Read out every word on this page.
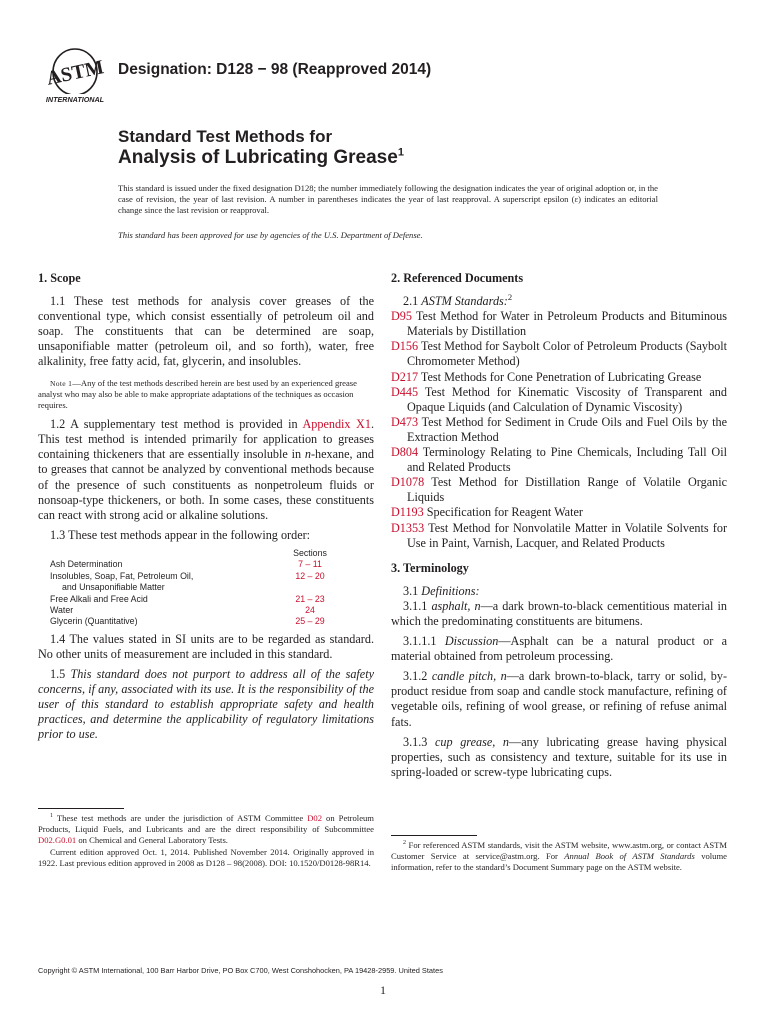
ASTM
INTERNATIONAL
Designation: D128 − 98 (Reapproved 2014)
Standard Test Methods for
Analysis of Lubricating Grease$^1$
This standard is issued under the fixed designation D128; the number immediately following the designation indicates the year of original adoption or, in the case of revision, the year of last revision. A number in parentheses indicates the year of last reapproval. A superscript epsilon (ε) indicates an editorial change since the last revision or reapproval.
This standard has been approved for use by agencies of the U.S. Department of Defense.
1. Scope

1.1 These test methods for analysis cover greases of the conventional type, which consist essentially of petroleum oil and soap. The constituents that can be determined are soap, unsaponifiable matter (petroleum oil, and so forth), water, free alkalinity, free fatty acid, fat, glycerin, and insolubles.

Note 1—Any of the test methods described herein are best used by an experienced grease analyst who may also be able to make appropriate adaptations of the techniques as occasion requires.

1.2 A supplementary test method is provided in Appendix X1. This test method is intended primarily for application to greases containing thickeners that are essentially insoluble in n-hexane, and to greases that cannot be analyzed by conventional methods because of the presence of such constituents as nonpetroleum fluids or nonsoap-type thickeners, or both. In some cases, these constituents can react with strong acid or alkaline solutions.

1.3 These test methods appear in the following order:

Sections
Ash Determination	7 – 11
Insolubles, Soap, Fat, Petroleum Oil,	12 – 20
and Unsaponifiable Matter
Free Alkali and Free Acid	21 – 23
Water	24
Glycerin (Quantitative)	25 – 29

1.4 The values stated in SI units are to be regarded as standard. No other units of measurement are included in this standard.

1.5 This standard does not purport to address all of the safety concerns, if any, associated with its use. It is the responsibility of the user of this standard to establish appropriate safety and health practices, and determine the applicability of regulatory limitations prior to use.

2. Referenced Documents

2.1 ASTM Standards:$^2$

D95 Test Method for Water in Petroleum Products and Bituminous Materials by Distillation

D156 Test Method for Saybolt Color of Petroleum Products (Saybolt Chromometer Method)

D217 Test Methods for Cone Penetration of Lubricating Grease

D445 Test Method for Kinematic Viscosity of Transparent and Opaque Liquids (and Calculation of Dynamic Viscosity)

D473 Test Method for Sediment in Crude Oils and Fuel Oils by the Extraction Method

D804 Terminology Relating to Pine Chemicals, Including Tall Oil and Related Products

D1078 Test Method for Distillation Range of Volatile Organic Liquids

D1193 Specification for Reagent Water

D1353 Test Method for Nonvolatile Matter in Volatile Solvents for Use in Paint, Varnish, Lacquer, and Related Products

3. Terminology

3.1 Definitions:

3.1.1 asphalt, n—a dark brown-to-black cementitious material in which the predominating constituents are bitumens.

3.1.1.1 Discussion—Asphalt can be a natural product or a material obtained from petroleum processing.

3.1.2 candle pitch, n—a dark brown-to-black, tarry or solid, by-product residue from soap and candle stock manufacture, refining of vegetable oils, refining of wool grease, or refining of refuse animal fats.

3.1.3 cup grease, n—any lubricating grease having physical properties, such as consistency and texture, suitable for its use in spring-loaded or screw-type lubricating cups.

$^1$ These test methods are under the jurisdiction of ASTM Committee D02 on Petroleum Products, Liquid Fuels, and Lubricants and are the direct responsibility of Subcommittee D02.G0.01 on Chemical and General Laboratory Tests.

Current edition approved Oct. 1, 2014. Published November 2014. Originally approved in 1922. Last previous edition approved in 2008 as D128 – 98(2008). DOI: 10.1520/D0128-98R14.

$^2$ For referenced ASTM standards, visit the ASTM website, www.astm.org, or contact ASTM Customer Service at service@astm.org. For Annual Book of ASTM Standards volume information, refer to the standard’s Document Summary page on the ASTM website.

Copyright © ASTM International, 100 Barr Harbor Drive, PO Box C700, West Conshohocken, PA 19428-2959. United States
1
